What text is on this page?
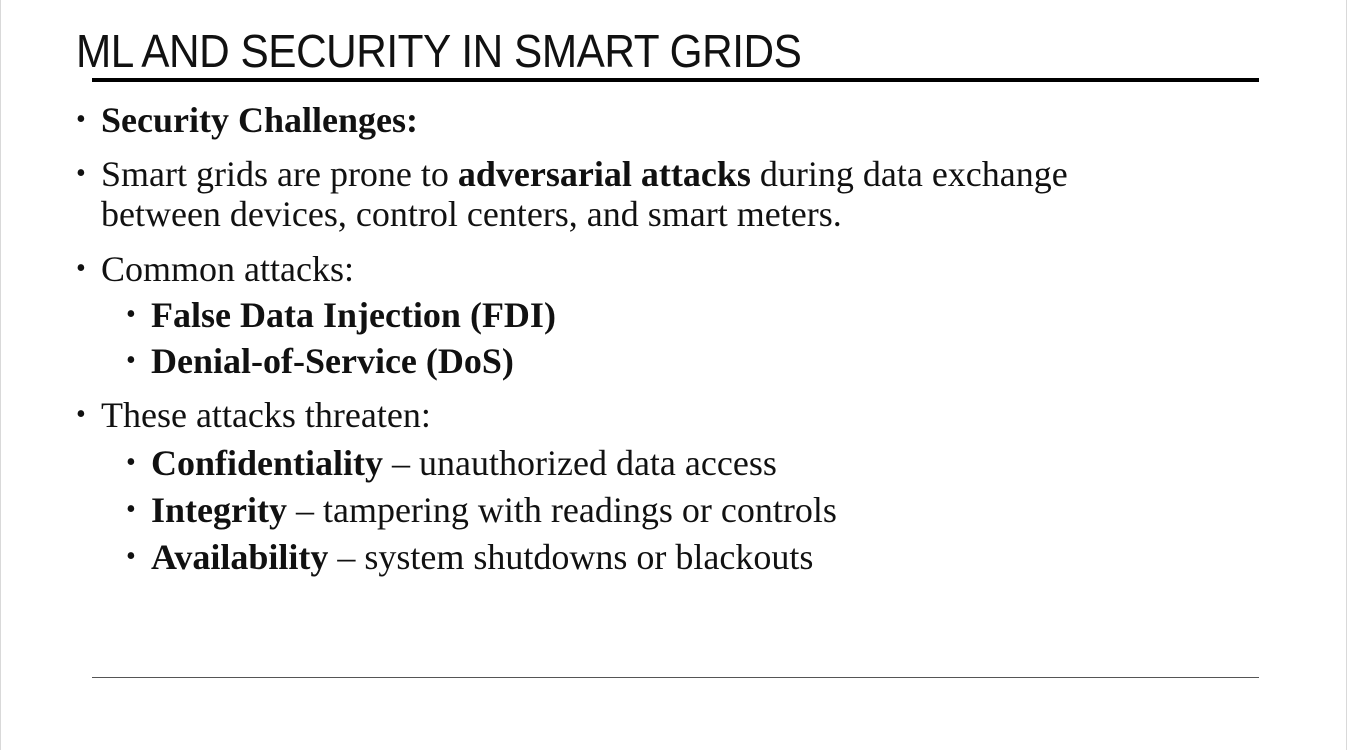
ML AND SECURITY IN SMART GRIDS
• Security Challenges:
• Smart grids are prone to adversarial attacks during data exchange
between devices, control centers, and smart meters.
• Common attacks:
• False Data Injection (FDI)
• Denial-of-Service (DoS)
• These attacks threaten:
• Confidentiality – unauthorized data access
• Integrity – tampering with readings or controls
• Availability – system shutdowns or blackouts
